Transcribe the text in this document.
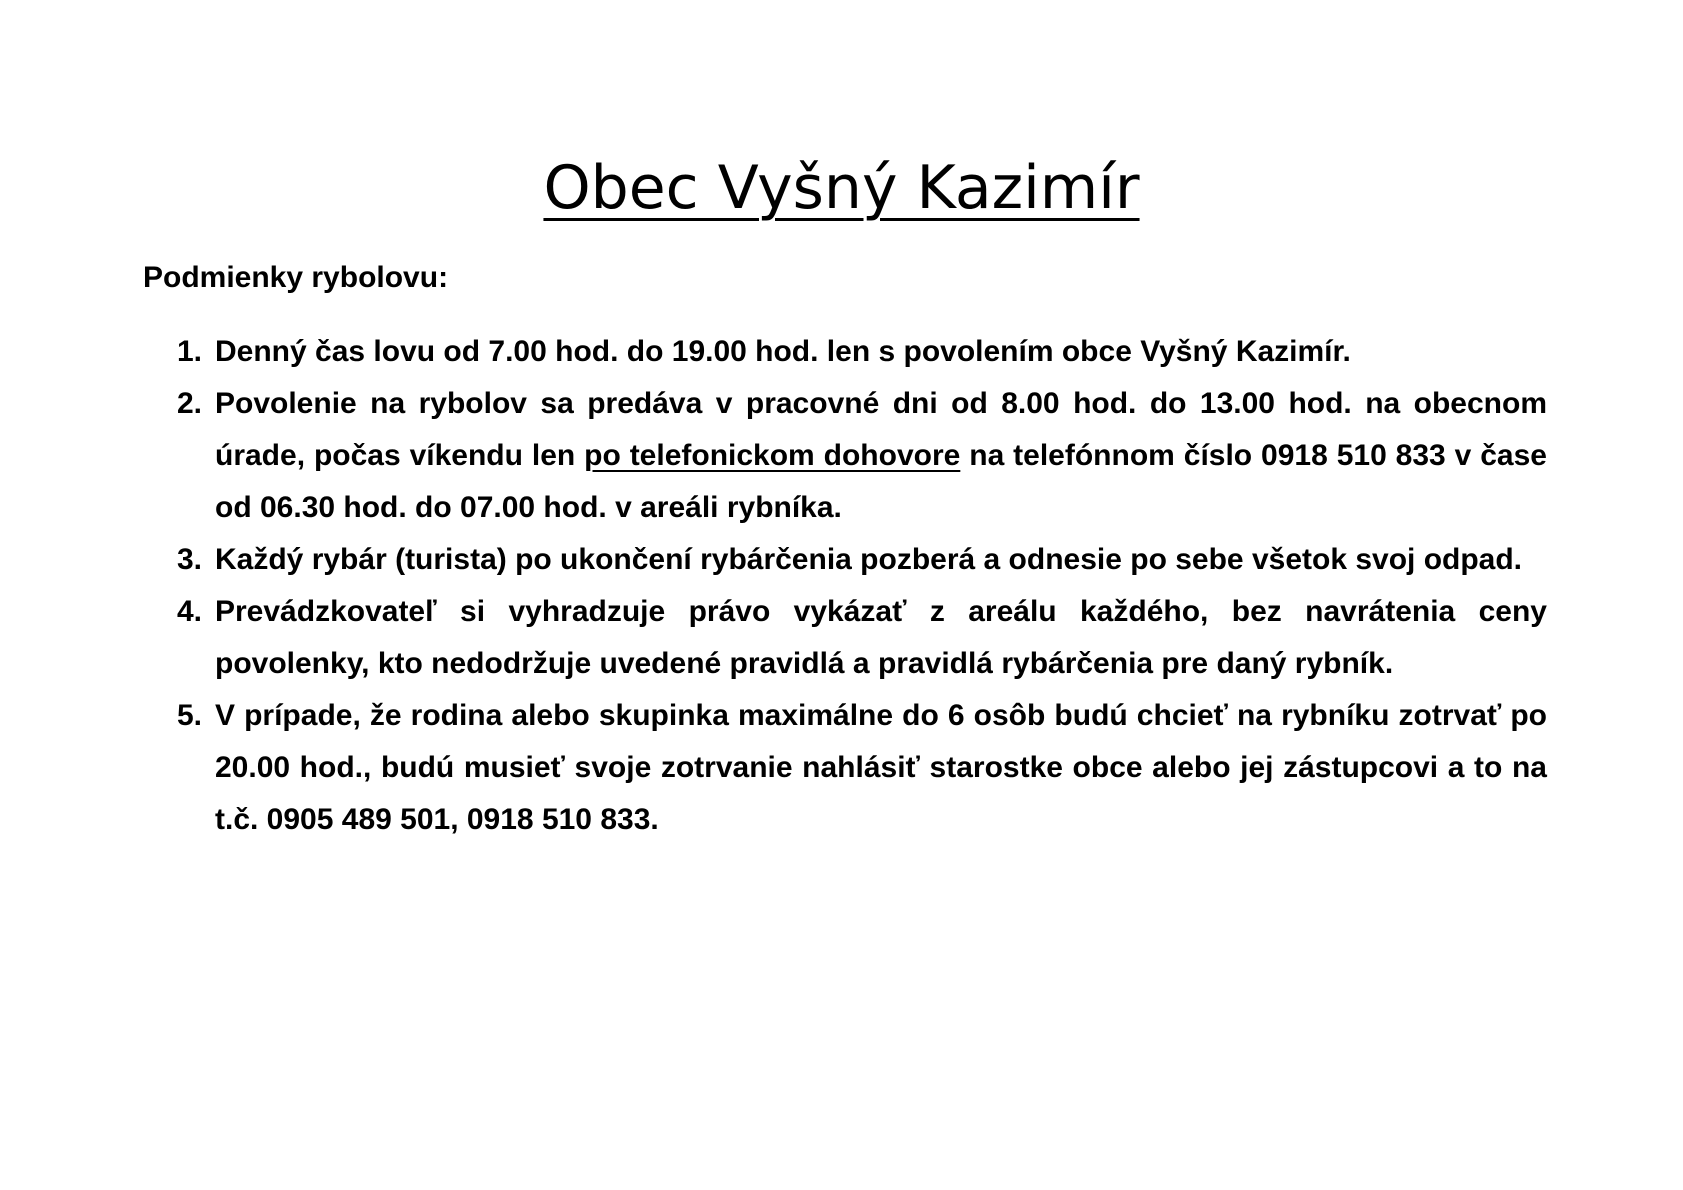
Obec Vyšný Kazimír
Podmienky rybolovu:
1. Denný čas lovu od 7.00 hod. do 19.00 hod. len s povolením obce Vyšný Kazimír.
2. Povolenie na rybolov sa predáva v pracovné dni od 8.00 hod. do 13.00 hod. na obecnom úrade, počas víkendu len po telefonickom dohovore na telefónnom číslo 0918 510 833 v čase od 06.30 hod. do 07.00 hod. v areáli rybníka.
3. Každý rybár (turista) po ukončení rybárčenia pozberá a odnesie po sebe všetok svoj odpad.
4. Prevádzkovateľ si vyhradzuje právo vykázať z areálu každého, bez navrátenia ceny povolenky, kto nedodržuje uvedené pravidlá a pravidlá rybárčenia pre daný rybník.
5. V prípade, že rodina alebo skupinka maximálne do 6 osôb budú chcieť na rybníku zotrvať po 20.00 hod., budú musieť svoje zotrvanie nahlásiť starostke obce alebo jej zástupcovi a to na t.č. 0905 489 501, 0918 510 833.
